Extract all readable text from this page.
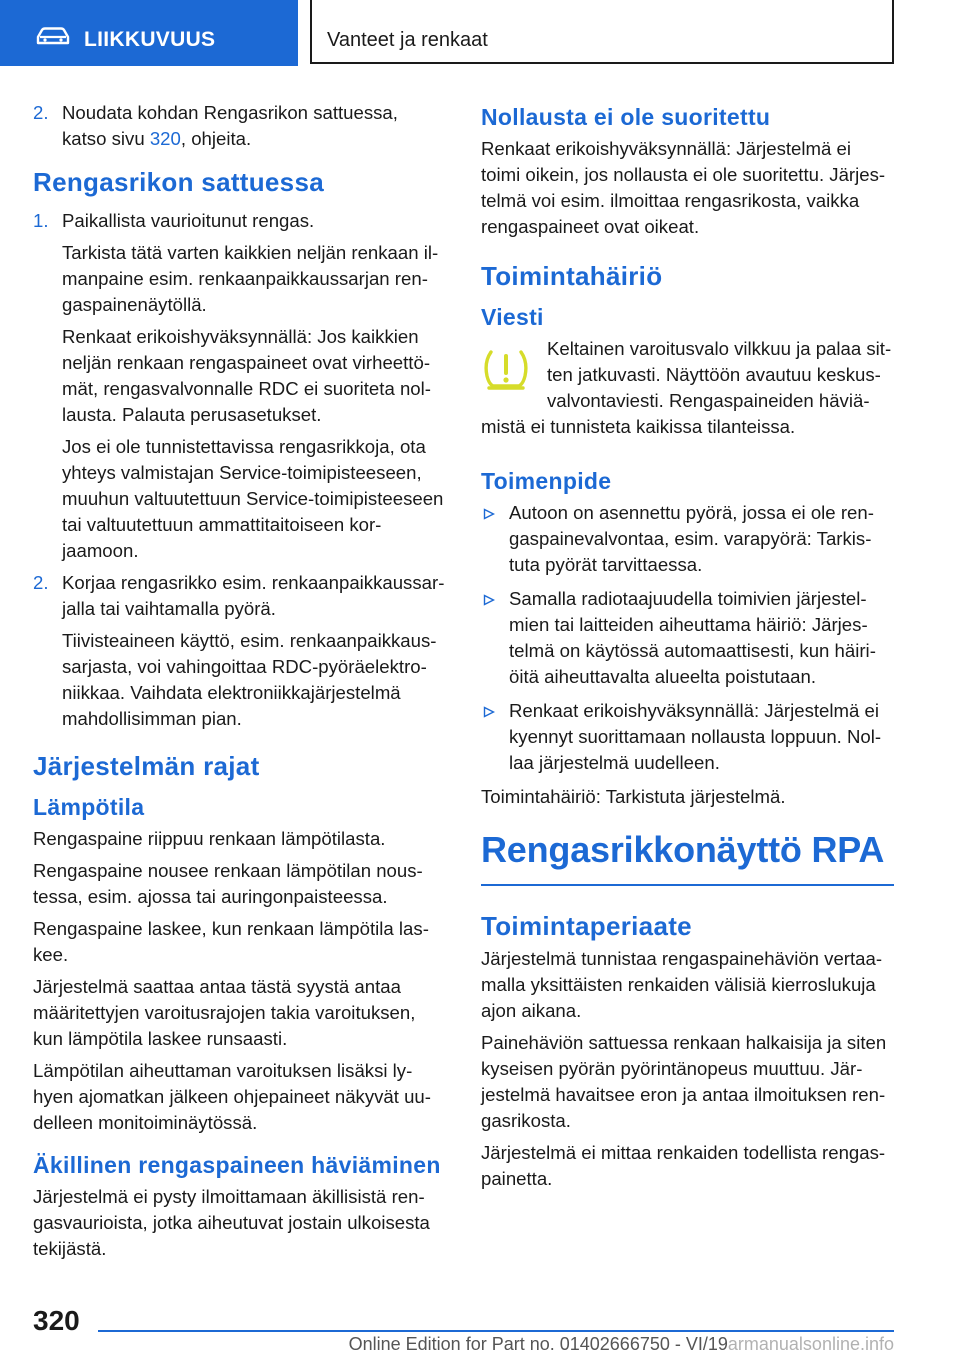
LIIKKUVUUS	Vanteet ja renkaat
2. Noudata kohdan Rengasrikon sattuessa, katso sivu 320, ohjeita.

Rengasrikon sattuessa
1. Paikallista vaurioitunut rengas.

Tarkista tätä varten kaikkien neljän renkaan ilmanpaine esim. renkaanpaikkaussarjan rengaspainenäytöllä.

Renkaat erikoishyväksynnällä: Jos kaikkien neljän renkaan rengaspaineet ovat virheettömät, rengasvalvonnalle RDC ei suoriteta nollausta. Palauta perusasetukset.

Jos ei ole tunnistettavissa rengasrikkoja, ota yhteys valmistajan Service-toimipisteeseen, muuhun valtuutettuun Service-toimipisteeseen tai valtuutettuun ammattitaitoiseen korjaamoon.

2. Korjaa rengasrikko esim. renkaanpaikkaussarjalla tai vaihtamalla pyörä.

Tiivisteaineen käyttö, esim. renkaanpaikkaussarjasta, voi vahingoittaa RDC-pyöräelektroniikkaa. Vaihdata elektroniikkajärjestelmä mahdollisimman pian.

Järjestelmän rajat
Lämpötila

Rengaspaine riippuu renkaan lämpötilasta.

Rengaspaine nousee renkaan lämpötilan noustessa, esim. ajossa tai auringonpaisteessa.

Rengaspaine laskee, kun renkaan lämpötila laskee.

Järjestelmä saattaa antaa tästä syystä antaa määritettyjen varoitusrajojen takia varoituksen, kun lämpötila laskee runsaasti.

Lämpötilan aiheuttaman varoituksen lisäksi lyhyen ajomatkan jälkeen ohjepaineet näkyvät uudelleen monitoiminäytössä.

Äkillinen rengaspaineen häviäminen

Järjestelmä ei pysty ilmoittamaan äkillisistä rengasvaurioista, jotka aiheutuvat jostain ulkoisesta tekijästä.

Nollausta ei ole suoritettu

Renkaat erikoishyväksynnällä: Järjestelmä ei toimi oikein, jos nollausta ei ole suoritettu. Järjestelmä voi esim. ilmoittaa rengasrikosta, vaikka rengaspaineet ovat oikeat.

Toimintahäiriö
Viesti

Keltainen varoitusvalo vilkkuu ja palaa sitten jatkuvasti. Näyttöön avautuu keskusvalvontaviesti. Rengaspaineiden häviämistä ei tunnisteta kaikissa tilanteissa.

Toimenpide
Autoon on asennettu pyörä, jossa ei ole rengaspainevalvontaa, esim. varapyörä: Tarkistuta pyörät tarvittaessa.
Samalla radiotaajuudella toimivien järjestelmien tai laitteiden aiheuttama häiriö: Järjestelmä on käytössä automaattisesti, kun häiriöitä aiheuttavalta alueelta poistutaan.
Renkaat erikoishyväksynnällä: Järjestelmä ei kyennyt suorittamaan nollausta loppuun. Nollaa järjestelmä uudelleen.

Toimintahäiriö: Tarkistuta järjestelmä.

Rengasrikkonäyttö RPA
Toimintaperiaate

Järjestelmä tunnistaa rengaspainehäviön vertaamalla yksittäisten renkaiden välisiä kierroslukuja ajon aikana.

Painehäviön sattuessa renkaan halkaisija ja siten kyseisen pyörän pyörintänopeus muuttuu. Järjestelmä havaitsee eron ja antaa ilmoituksen rengasrikosta.

Järjestelmä ei mittaa renkaiden todellista rengaspainetta.

320
Online Edition for Part no. 01402666750 - VI/19armanualsonline.info
